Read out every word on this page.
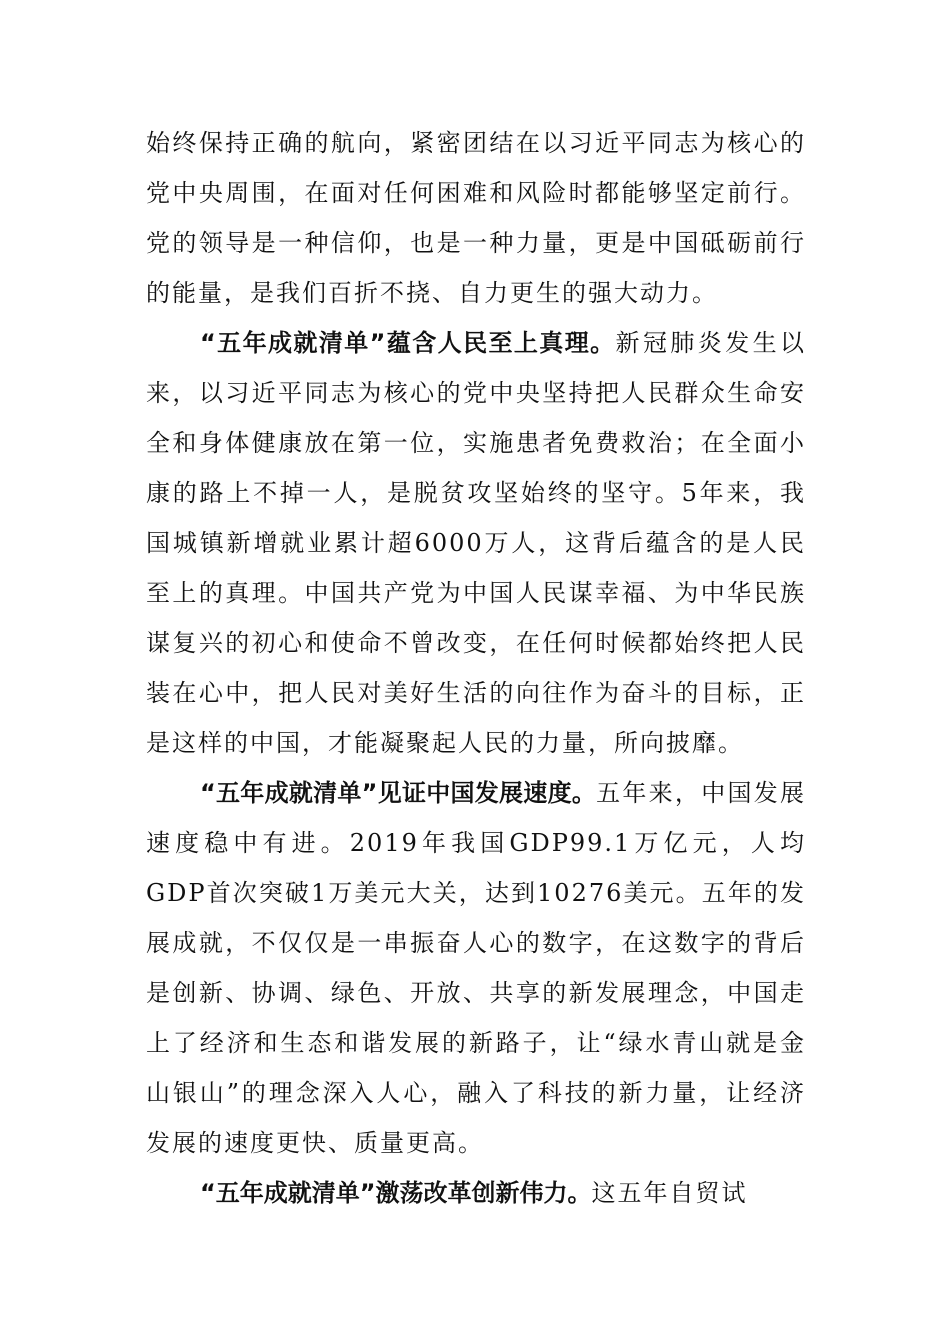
始终保持正确的航向，紧密团结在以习近平同志为核心的党中央周围，在面对任何困难和风险时都能够坚定前行。党的领导是一种信仰，也是一种力量，更是中国砥砺前行的能量，是我们百折不挠、自力更生的强大动力。

“五年成就清单”蕴含人民至上真理。新冠肺炎发生以来，以习近平同志为核心的党中央坚持把人民群众生命安全和身体健康放在第一位，实施患者免费救治；在全面小康的路上不掉一人，是脱贫攻坚始终的坚守。5年来，我国城镇新增就业累计超6000万人，这背后蕴含的是人民至上的真理。中国共产党为中国人民谋幸福、为中华民族谋复兴的初心和使命不曾改变，在任何时候都始终把人民装在心中，把人民对美好生活的向往作为奋斗的目标，正是这样的中国，才能凝聚起人民的力量，所向披靡。

“五年成就清单”见证中国发展速度。五年来，中国发展速度稳中有进。2019年我国GDP99.1万亿元，人均GDP首次突破1万美元大关，达到10276美元。五年的发展成就，不仅仅是一串振奋人心的数字，在这数字的背后是创新、协调、绿色、开放、共享的新发展理念，中国走上了经济和生态和谐发展的新路子，让“绿水青山就是金山银山”的理念深入人心，融入了科技的新力量，让经济发展的速度更快、质量更高。

“五年成就清单”激荡改革创新伟力。这五年自贸试
